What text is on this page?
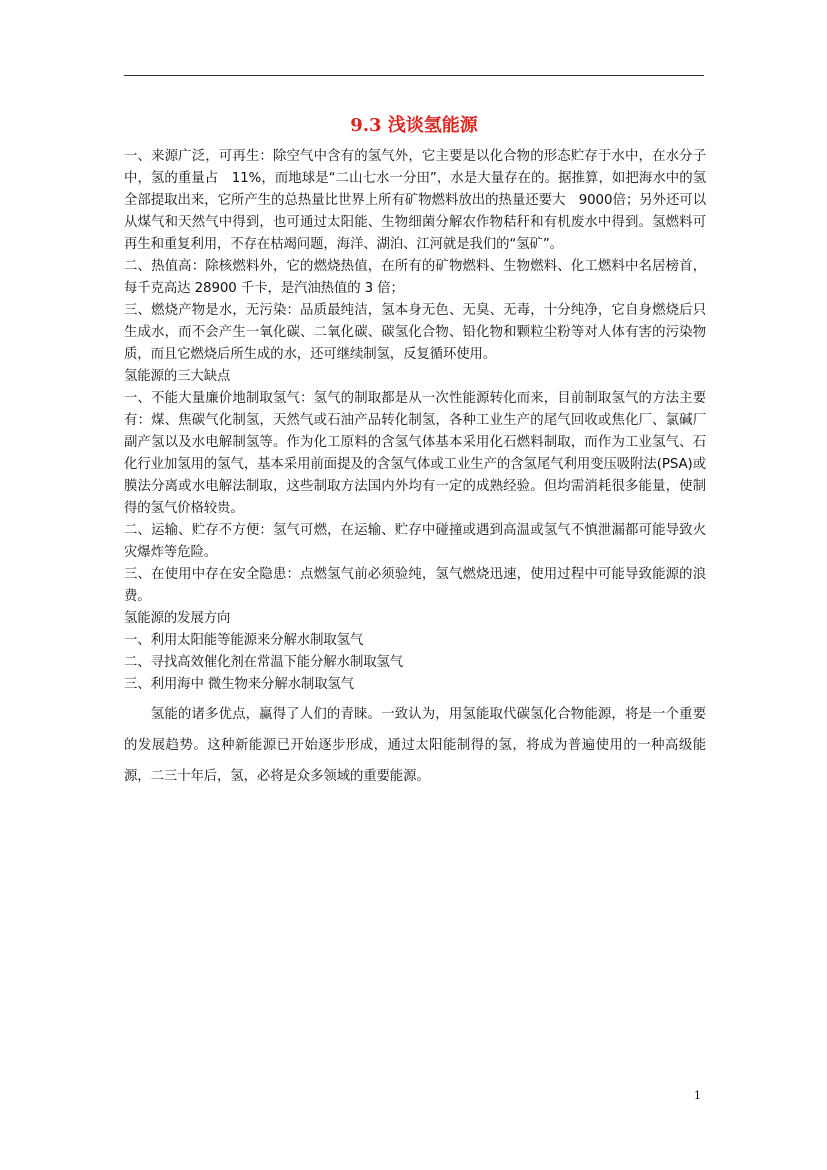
9.3 浅谈氢能源

一、来源广泛，可再生：除空气中含有的氢气外，它主要是以化合物的形态贮存于水中，在水分子中，氢的重量占　11%，而地球是“二山七水一分田”，水是大量存在的。据推算，如把海水中的氢全部提取出来，它所产生的总热量比世界上所有矿物燃料放出的热量还要大　9000倍；另外还可以从煤气和天然气中得到，也可通过太阳能、生物细菌分解农作物秸秆和有机废水中得到。氢燃料可再生和重复利用，不存在枯竭问题，海洋、湖泊、江河就是我们的“氢矿”。

二、热值高：除核燃料外，它的燃烧热值，在所有的矿物燃料、生物燃料、化工燃料中名居榜首，每千克高达 28900 千卡，是汽油热值的 3 倍；

三、燃烧产物是水，无污染：品质最纯洁，氢本身无色、无臭、无毒，十分纯净，它自身燃烧后只生成水，而不会产生一氧化碳、二氧化碳、碳氢化合物、铅化物和颗粒尘粉等对人体有害的污染物质，而且它燃烧后所生成的水，还可继续制氢，反复循环使用。

氢能源的三大缺点

一、不能大量廉价地制取氢气：氢气的制取都是从一次性能源转化而来，目前制取氢气的方法主要有：煤、焦碳气化制氢，天然气或石油产品转化制氢，各种工业生产的尾气回收或焦化厂、氯碱厂副产氢以及水电解制氢等。作为化工原料的含氢气体基本采用化石燃料制取，而作为工业氢气、石化行业加氢用的氢气，基本采用前面提及的含氢气体或工业生产的含氢尾气利用变压吸附法(PSA)或膜法分离或水电解法制取，这些制取方法国内外均有一定的成熟经验。但均需消耗很多能量，使制得的氢气价格较贵。

二、运输、贮存不方便：氢气可燃，在运输、贮存中碰撞或遇到高温或氢气不慎泄漏都可能导致火灾爆炸等危险。

三、在使用中存在安全隐患：点燃氢气前必须验纯，氢气燃烧迅速，使用过程中可能导致能源的浪费。

氢能源的发展方向

一、利用太阳能等能源来分解水制取氢气

二、寻找高效催化剂在常温下能分解水制取氢气

三、利用海中 微生物来分解水制取氢气

氢能的诸多优点，赢得了人们的青睐。一致认为，用氢能取代碳氢化合物能源，将是一个重要的发展趋势。这种新能源已开始逐步形成，通过太阳能制得的氢，将成为普遍使用的一种高级能源，二三十年后，氢，必将是众多领域的重要能源。

1
